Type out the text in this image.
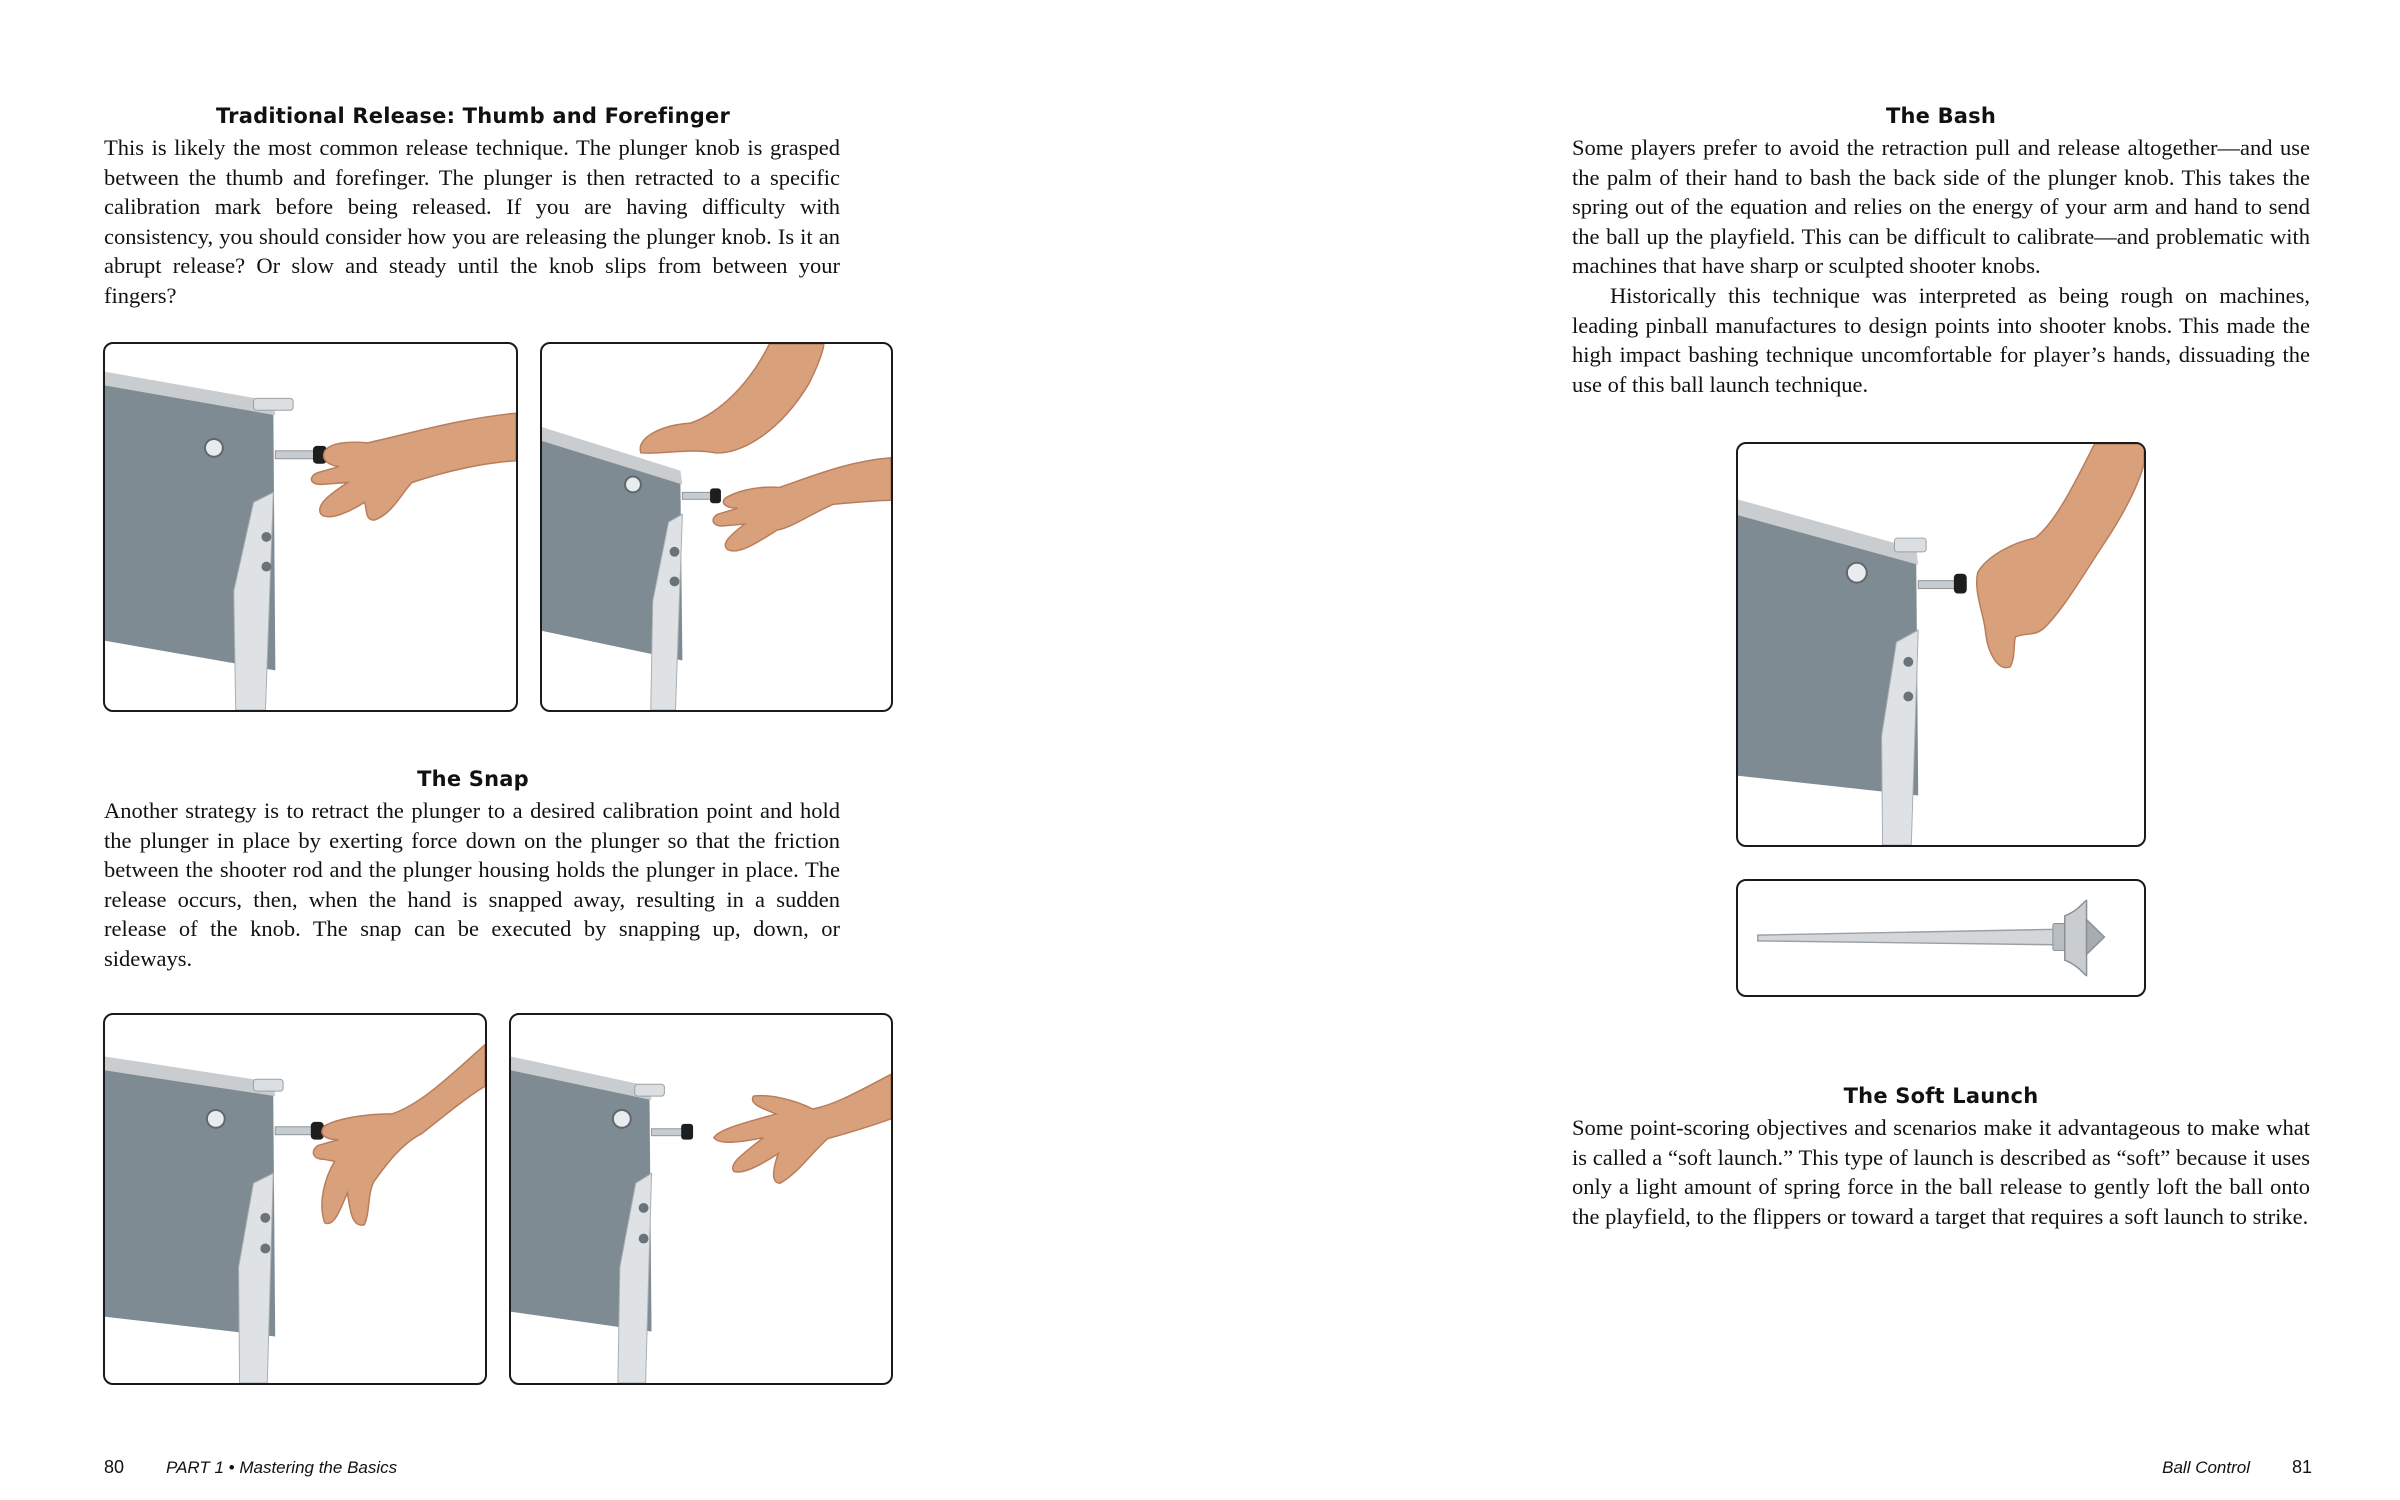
Traditional Release: Thumb and Forefinger

This is likely the most common release technique. The plunger knob is grasped between the thumb and forefinger. The plunger is then retracted to a specific calibration mark before being released. If you are having difficulty with consistency, you should consider how you are releasing the plunger knob. Is it an abrupt release? Or slow and steady until the knob slips from between your fingers?

The Snap

Another strategy is to retract the plunger to a desired calibration point and hold the plunger in place by exerting force down on the plunger so that the friction between the shooter rod and the plunger housing holds the plunger in place. The release occurs, then, when the hand is snapped away, resulting in a sudden release of the knob. The snap can be executed by snapping up, down, or sideways.

80 PART 1 • Mastering the Basics
The Bash

Some players prefer to avoid the retraction pull and release altogether—and use the palm of their hand to bash the back side of the plunger knob. This takes the spring out of the equation and relies on the energy of your arm and hand to send the ball up the playfield. This can be difficult to calibrate—and problematic with machines that have sharp or sculpted shooter knobs.

Historically this technique was interpreted as being rough on machines, leading pinball manufactures to design points into shooter knobs. This made the high impact bashing technique uncomfortable for player’s hands, dissuading the use of this ball launch technique.

The Soft Launch

Some point-scoring objectives and scenarios make it advantageous to make what is called a “soft launch.” This type of launch is described as “soft” because it uses only a light amount of spring force in the ball release to gently loft the ball onto the playfield, to the flippers or toward a target that requires a soft launch to strike.

Ball Control	81
